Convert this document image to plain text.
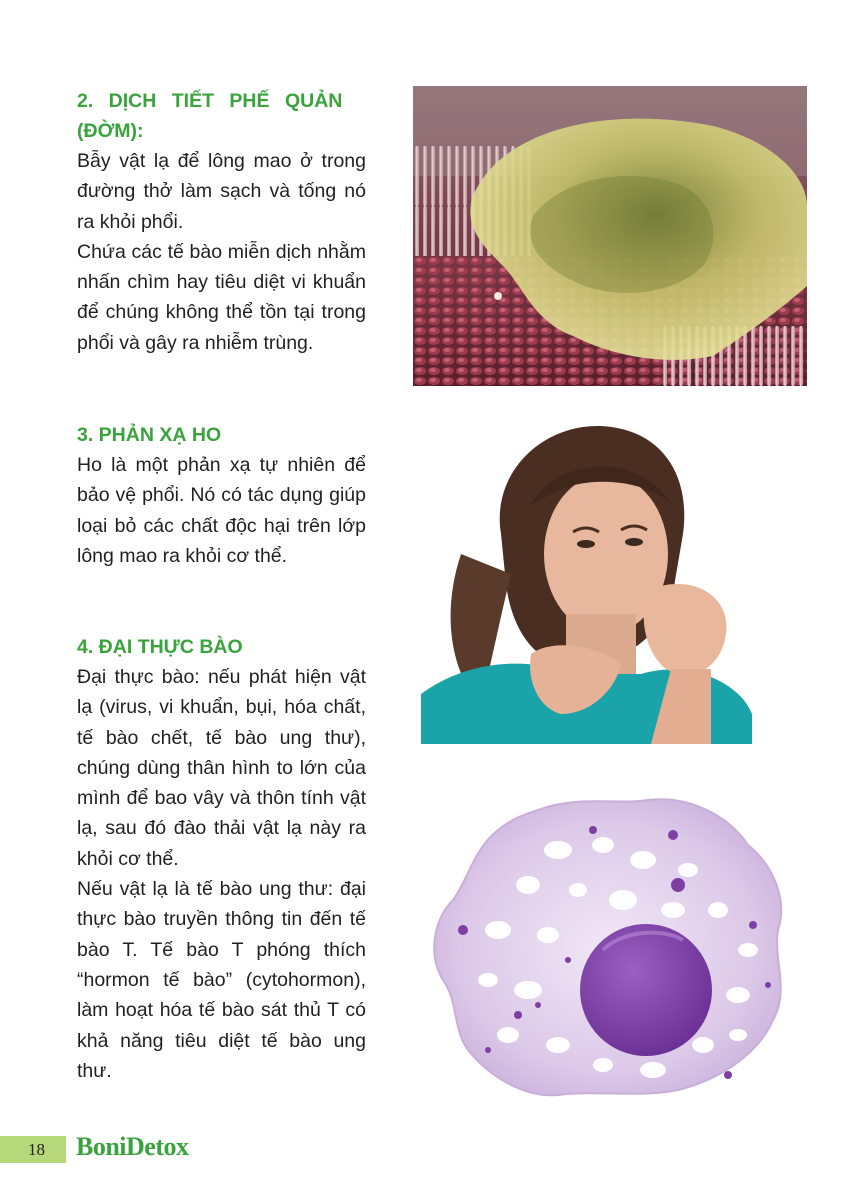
2. DỊCH TIẾT PHẾ QUẢN

(ĐỜM):

Bẫy vật lạ để lông mao ở trong đường thở làm sạch và tống nó ra khỏi phổi.

Chứa các tế bào miễn dịch nhằm nhấn chìm hay tiêu diệt vi khuẩn để chúng không thể tồn tại trong phổi và gây ra nhiễm trùng.

3. PHẢN XẠ HO

Ho là một phản xạ tự nhiên để bảo vệ phổi. Nó có tác dụng giúp loại bỏ các chất độc hại trên lớp lông mao ra khỏi cơ thể.

4. ĐẠI THỰC BÀO

Đại thực bào: nếu phát hiện vật lạ (virus, vi khuẩn, bụi, hóa chất, tế bào chết, tế bào ung thư), chúng dùng thân hình to lớn của mình để bao vây và thôn tính vật lạ, sau đó đào thải vật lạ này ra khỏi cơ thể.

Nếu vật lạ là tế bào ung thư: đại thực bào truyền thông tin đến tế bào T. Tế bào T phóng thích “hormon tế bào” (cytohormon), làm hoạt hóa tế bào sát thủ T có khả năng tiêu diệt tế bào ung thư.

18 BoniDetox
